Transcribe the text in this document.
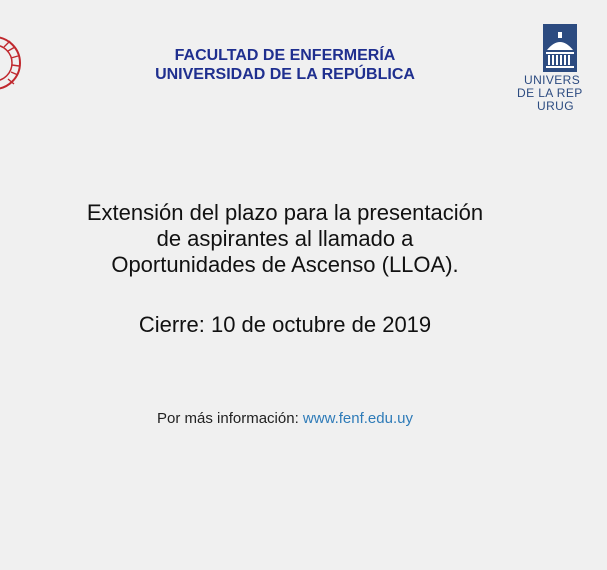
FACULTAD DE ENFERMERÍA
UNIVERSIDAD DE LA REPÚBLICA	UNIVERS
DE LA REP
URUG
Extensión del plazo para la presentación
de aspirantes al llamado a
Oportunidades de Ascenso (LLOA).
Cierre: 10 de octubre de 2019
Por más información: www.fenf.edu.uy
